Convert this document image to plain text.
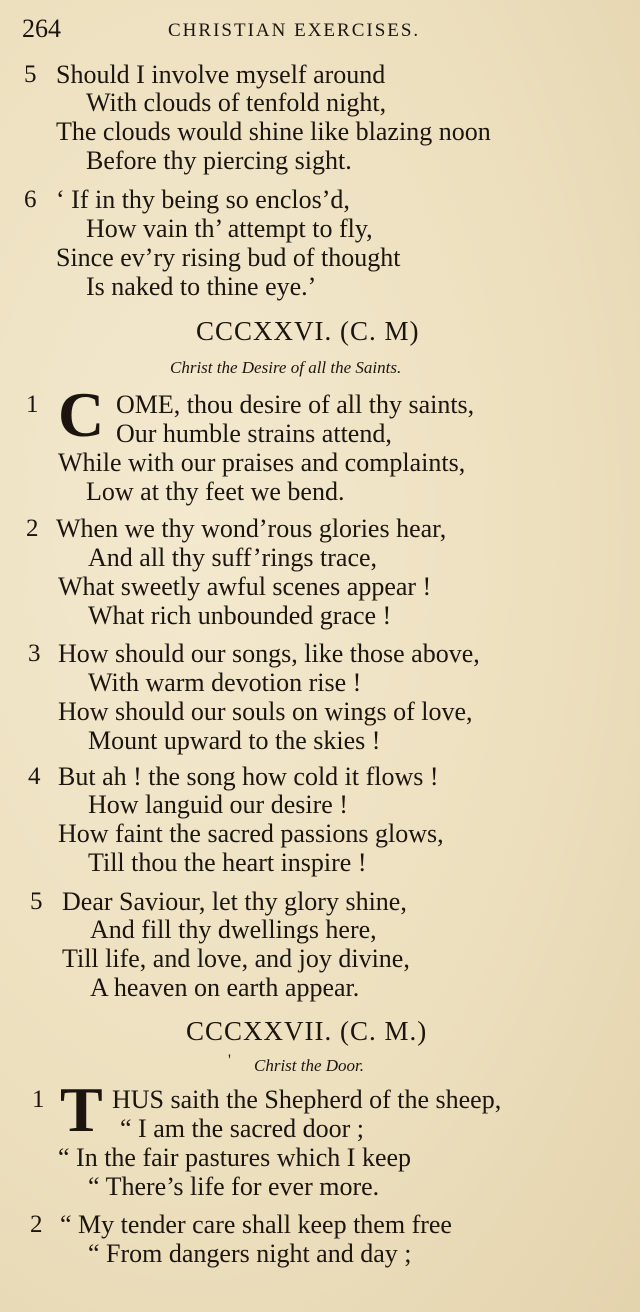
264	CHRISTIAN EXERCISES.
5 Should I involve myself around
With clouds of tenfold night,
The clouds would shine like blazing noon
Before thy piercing sight.
6 ‘ If in thy being so enclos’d,
How vain th’ attempt to fly,
Since ev’ry rising bud of thought
Is naked to thine eye.’
CCCXXVI. (C. M)
Christ the Desire of all the Saints.
1 C OME, thou desire of all thy saints,
Our humble strains attend,
While with our praises and complaints,
Low at thy feet we bend.
2 When we thy wond’rous glories hear,
And all thy suff’rings trace,
What sweetly awful scenes appear !
What rich unbounded grace !
3 How should our songs, like those above,
With warm devotion rise !
How should our souls on wings of love,
Mount upward to the skies !
4 But ah ! the song how cold it flows !
How languid our desire !
How faint the sacred passions glows,
Till thou the heart inspire !
5 Dear Saviour, let thy glory shine,
And fill thy dwellings here,
Till life, and love, and joy divine,
A heaven on earth appear.
CCCXXVII. (C. M.)
' Christ the Door.
1 T HUS saith the Shepherd of the sheep,
“ I am the sacred door ;
“ In the fair pastures which I keep
“ There’s life for ever more.
2 “ My tender care shall keep them free
“ From dangers night and day ;
